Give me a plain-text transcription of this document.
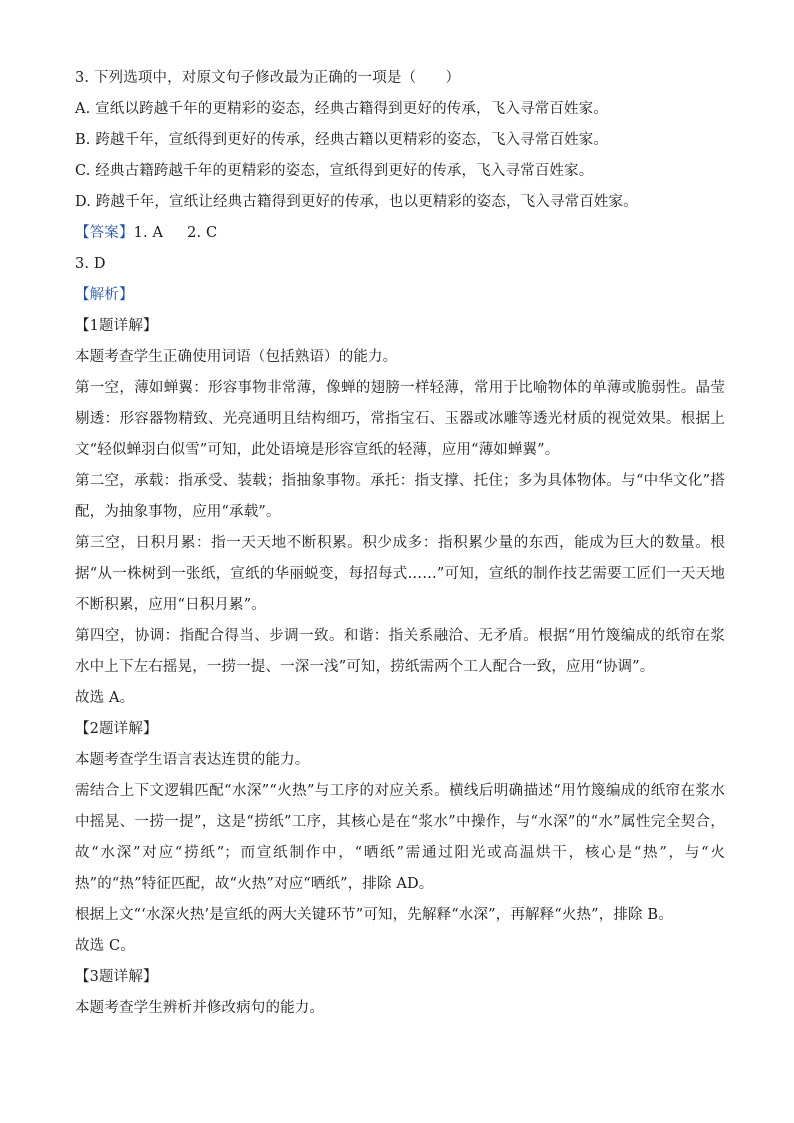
3. 下列选项中，对原文句子修改最为正确的一项是（　　）
A. 宣纸以跨越千年的更精彩的姿态，经典古籍得到更好的传承，飞入寻常百姓家。
B. 跨越千年，宣纸得到更好的传承，经典古籍以更精彩的姿态，飞入寻常百姓家。
C. 经典古籍跨越千年的更精彩的姿态，宣纸得到更好的传承，飞入寻常百姓家。
D. 跨越千年，宣纸让经典古籍得到更好的传承，也以更精彩的姿态，飞入寻常百姓家。
【答案】1. A 2. C
3. D
【解析】
【1题详解】
本题考查学生正确使用词语（包括熟语）的能力。
第一空，薄如蝉翼：形容事物非常薄，像蝉的翅膀一样轻薄，常用于比喻物体的单薄或脆弱性。晶莹剔透：形容器物精致、光亮通明且结构细巧，常指宝石、玉器或冰雕等透光材质的视觉效果。根据上文“轻似蝉羽白似雪”可知，此处语境是形容宣纸的轻薄，应用“薄如蝉翼”。
第二空，承载：指承受、装载；指抽象事物。承托：指支撑、托住；多为具体物体。与“中华文化”搭配，为抽象事物，应用“承载”。
第三空，日积月累：指一天天地不断积累。积少成多：指积累少量的东西，能成为巨大的数量。根据“从一株树到一张纸，宣纸的华丽蜕变，每招每式……”可知，宣纸的制作技艺需要工匠们一天天地不断积累，应用“日积月累”。
第四空，协调：指配合得当、步调一致。和谐：指关系融洽、无矛盾。根据“用竹篾编成的纸帘在浆水中上下左右摇晃，一捞一提、一深一浅”可知，捞纸需两个工人配合一致，应用“协调”。
故选 A。
【2题详解】
本题考查学生语言表达连贯的能力。
需结合上下文逻辑匹配“水深”“火热”与工序的对应关系。横线后明确描述“用竹篾编成的纸帘在浆水中摇晃、一捞一提”，这是“捞纸”工序，其核心是在“浆水”中操作，与“水深”的“水”属性完全契合，故“水深”对应“捞纸”；而宣纸制作中，“晒纸”需通过阳光或高温烘干，核心是“热”，与“火热”的“热”特征匹配，故“火热”对应“晒纸”，排除 AD。
根据上文“‘水深火热’是宣纸的两大关键环节”可知，先解释“水深”，再解释“火热”，排除 B。
故选 C。
【3题详解】
本题考查学生辨析并修改病句的能力。
